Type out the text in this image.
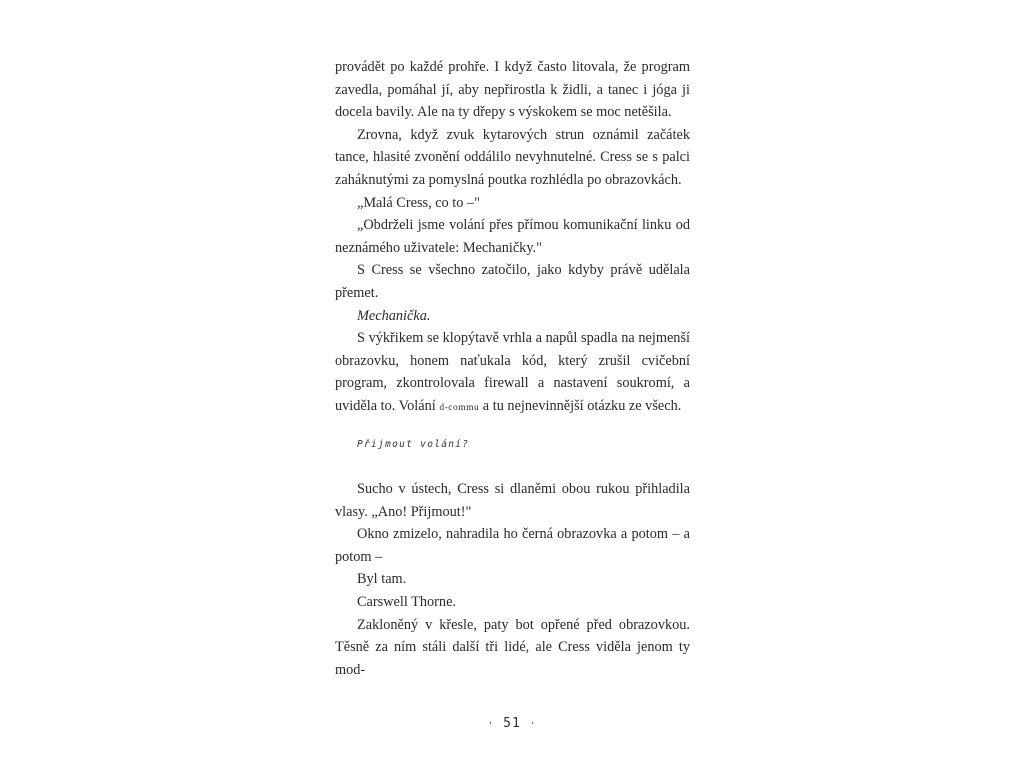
provádět po každé prohře. I když často litovala, že program zavedla, pomáhal jí, aby nepřirostla k židli, a tanec i jóga ji docela bavily. Ale na ty dřepy s výskokem se moc netěšila.

Zrovna, když zvuk kytarových strun oznámil začátek tance, hlasité zvonění oddálilo nevyhnutelné. Cress se s palci zaháknutými za pomyslná poutka rozhlédla po obrazovkách.

„Malá Cress, co to –"

„Obdrželi jsme volání přes přímou komunikační linku od neznámého uživatele: Mechaničky."

S Cress se všechno zatočilo, jako kdyby právě udělala přemet.

Mechanička.

S výkřikem se klopýtavě vrhla a napůl spadla na nejmenší obrazovku, honem naťukala kód, který zrušil cvičební program, zkontrolovala firewall a nastavení soukromí, a uviděla to. Volání d-commu a tu nejnevinnější otázku ze všech.

Přijmout volání?

Sucho v ústech, Cress si dlaněmi obou rukou přihladila vlasy. „Ano! Přijmout!"

Okno zmizelo, nahradila ho černá obrazovka a potom – a potom –

Byl tam.

Carswell Thorne.

Zakloněný v křesle, paty bot opřené před obrazovkou. Těsně za ním stáli další tři lidé, ale Cress viděla jenom ty mod-

· 51 ·
